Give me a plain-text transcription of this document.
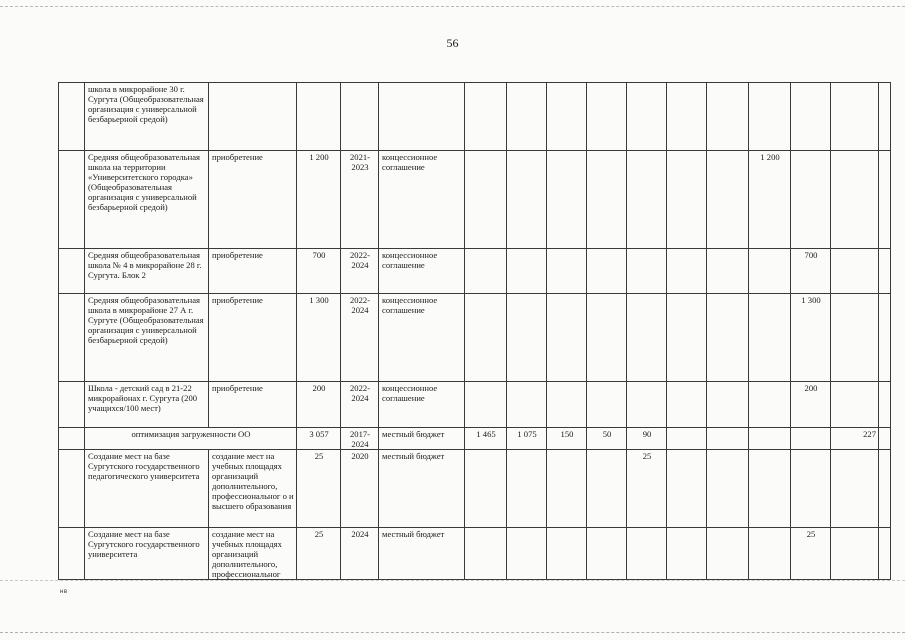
56
	школа в микрорайоне 30 г. Сургута (Общеобразовательная организация с универсальной безбарьерной средой)															
	Средняя общеобразовательная школа на территории «Университетского городка» (Общеобразовательная организация с универсальной безбарьерной средой)	приобретение	1 200	2021-2023	концессионное соглашение								1 200			
	Средняя общеобразовательная школа № 4 в микрорайоне 28 г. Сургута. Блок 2	приобретение	700	2022-2024	концессионное соглашение									700		
	Средняя общеобразовательная школа в микрорайоне 27 А г. Сургуте (Общеобразовательная организация с универсальной безбарьерной средой)	приобретение	1 300	2022-2024	концессионное соглашение									1 300		
	Школа - детский сад в 21-22 микрорайонах г. Сургута (200 учащихся/100 мест)	приобретение	200	2022-2024	концессионное соглашение									200		
	оптимизация загруженности ОО		3 057	2017-2024	местный бюджет	1 465	1 075	150	50	90					227	
	Создание мест на базе Сургутского государственного педагогического университета	создание мест на учебных площадях организаций дополнительного, профессиональног о и высшего образования	25	2020	местный бюджет					25						
	Создание мест на базе Сургутского государственного университета	создание мест на учебных площадях организаций дополнительного, профессиональног	25	2024	местный бюджет									25		
нв
